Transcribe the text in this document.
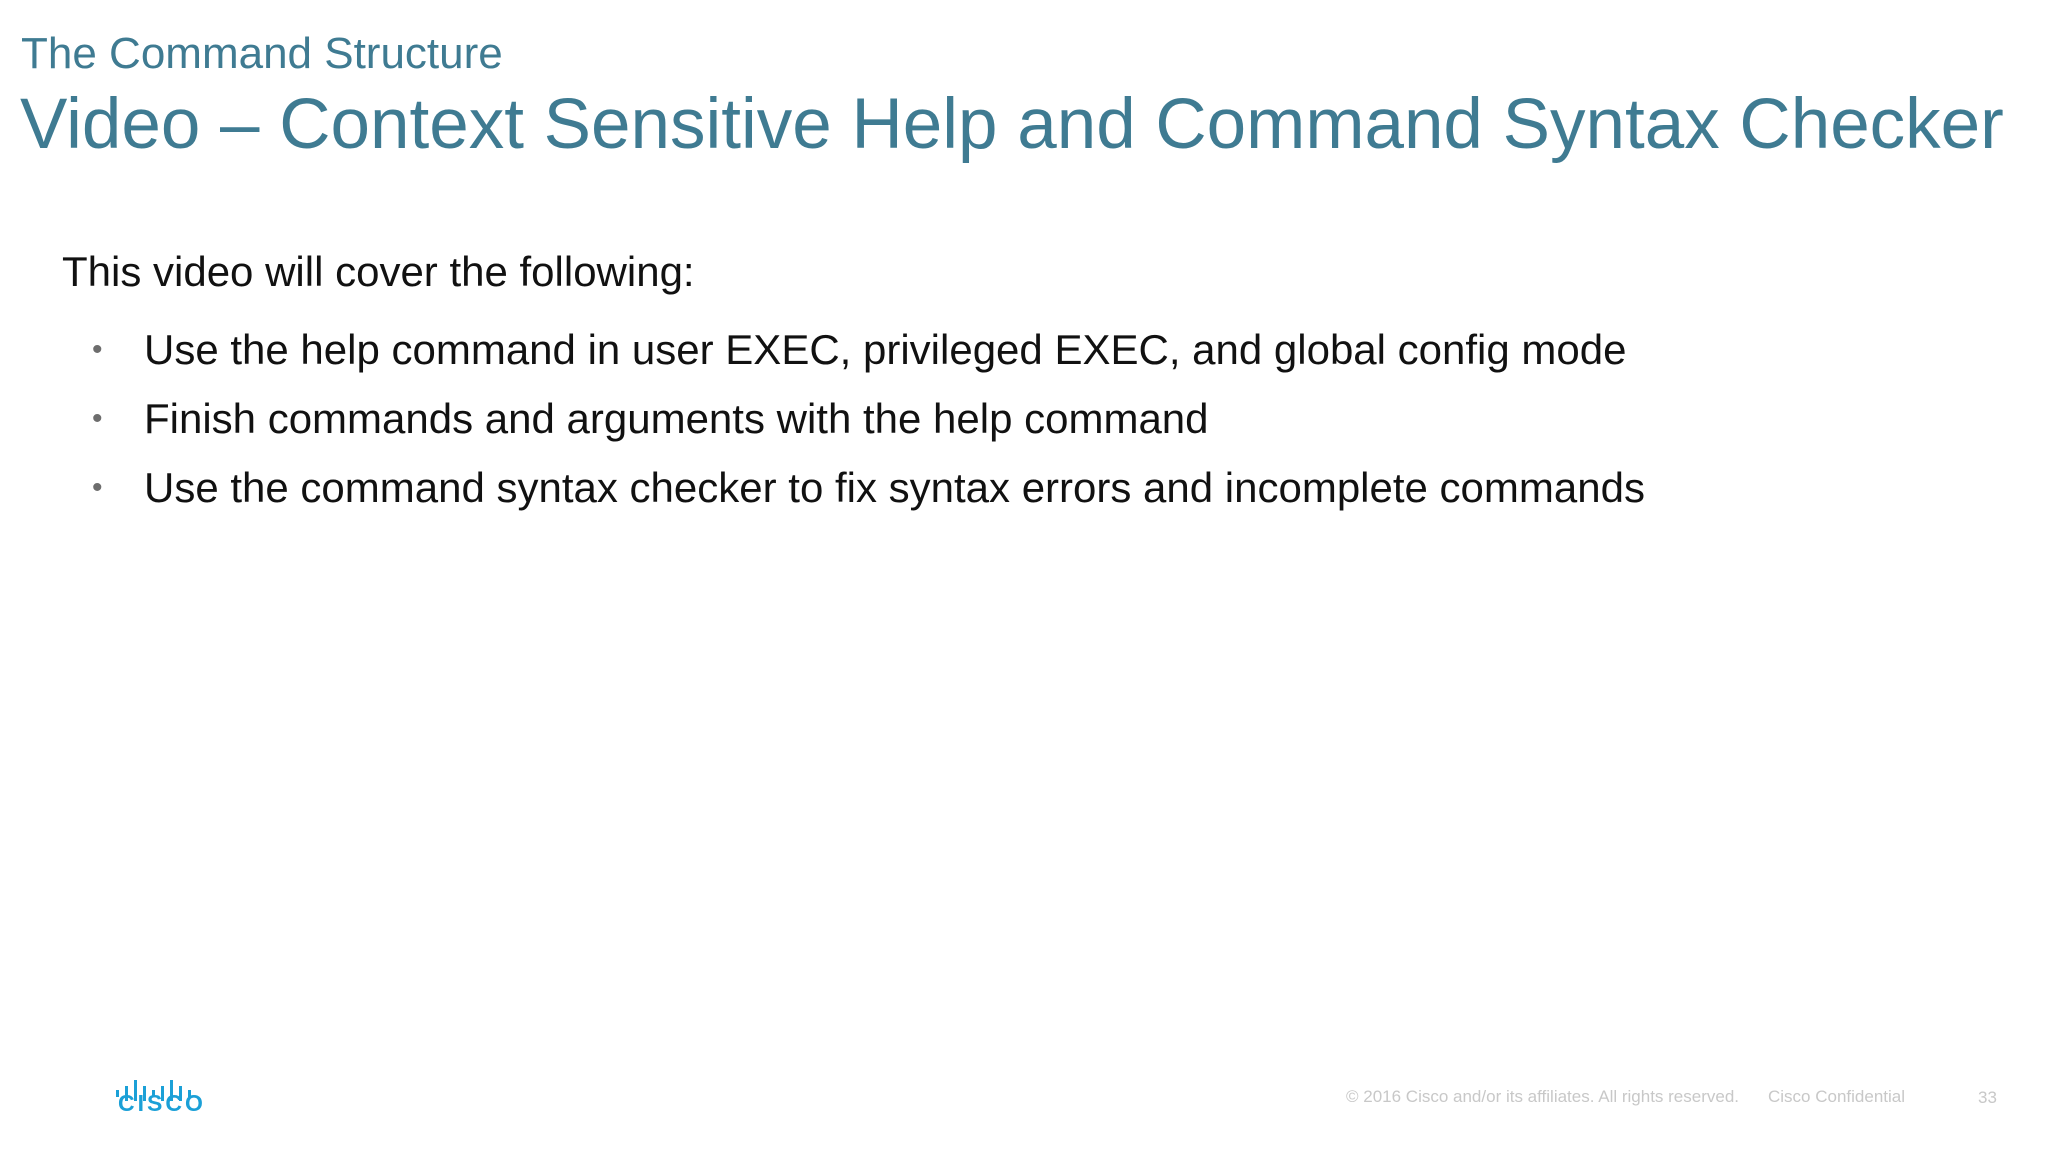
The Command Structure
Video – Context Sensitive Help and Command Syntax Checker
This video will cover the following:
• Use the help command in user EXEC, privileged EXEC, and global config mode
• Finish commands and arguments with the help command
• Use the command syntax checker to fix syntax errors and incomplete commands
CISCO	© 2016 Cisco and/or its affiliates. All rights reserved. Cisco Confidential	33
